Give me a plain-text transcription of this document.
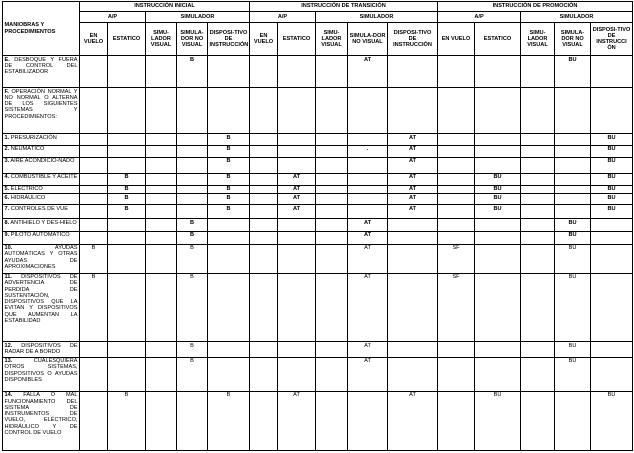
MANIOBRAS Y PROCEDIMIENTOS	INSTRUCCIÓN INICIAL					INSTRUCCIÓN DE TRANSICIÓN					INSTRUCCIÓN DE PROMOCIÓN				
	A/P		SIMULADOR			A/P		SIMULADOR			A/P		SIMULADOR		
	EN VUELO	ESTATICO	SIMU-LADOR VISUAL	SIMULA-DOR NO VISUAL	DISPOSI-TIVO DE INSTRUCCIÓN	EN VUELO	ESTATICO	SIMU-LADOR VISUAL	SIMULA-DOR NO VISUAL	DISPOSI-TIVO DE INSTRUCCIÓN	EN VUELO	ESTATICO	SIMU-LADOR VISUAL	SIMULA-DOR NO VISUAL	DISPOSI-TIVO DE INSTRUCCI ÓN
E. DESBOQUE Y FUERA DE CONTROL DEL ESTABILIZADOR				B					AT					BU	
F. OPERACIÓN NORMAL Y NO NORMAL O ALTERNA DE LOS SIGUIENTES SISTEMAS Y PROCEDIMIENTOS:															
1. PRESURIZACIÓN					B					AT					BU
2. NEUMÁTICO					B				.	AT					BU
3. AIRE ACONDICIO-NADO					B					AT					BU
4. COMBUSTIBLE Y ACEITE		B			B		AT			AT		BU			BU
5. ELÉCTRICO		B			B		AT			AT		BU			BU
6. HIDRÁULICO		B			B		AT			AT		BU			BU
7. CONTROLES DE VUE		B			B		AT			AT		BU			BU
8. ANTIHIELO Y DES-HIELO				B					AT					BU	
9. PILOTO AUTOMÁTICO				B					AT					BU	
10. AYUDAS AUTOMÁTICAS Y OTRAS AYUDAS DE APROXIMACIONES	B			B					AT		SF			BU	
11. DISPOSITIVOS DE ADVERTENCIA DE PERDIDA DE SUSTENTACIÓN, DISPOSITIVOS QUE LA EVITAN Y DISPOSITIVOS QUE AUMENTAN LA ESTABILIDAD	B			B					AT		SF			BU	
12. DISPOSITIVOS DE RADAR DE A BORDO				B					AT					BU	
13. CUALESQUIERA OTROS SISTEMAS, DISPOSITIVOS O AYUDAS DISPONIBLES				B					AT					BU	
14. FALLA O MAL FUNCIONAMIENTO DEL SISTEMA DE INSTRUMENTOS DE VUELO, ELÉCTRICO, HIDRÁULICO Y DE CONTROL DE VUELO		B			B		AT			AT		BU			BU
